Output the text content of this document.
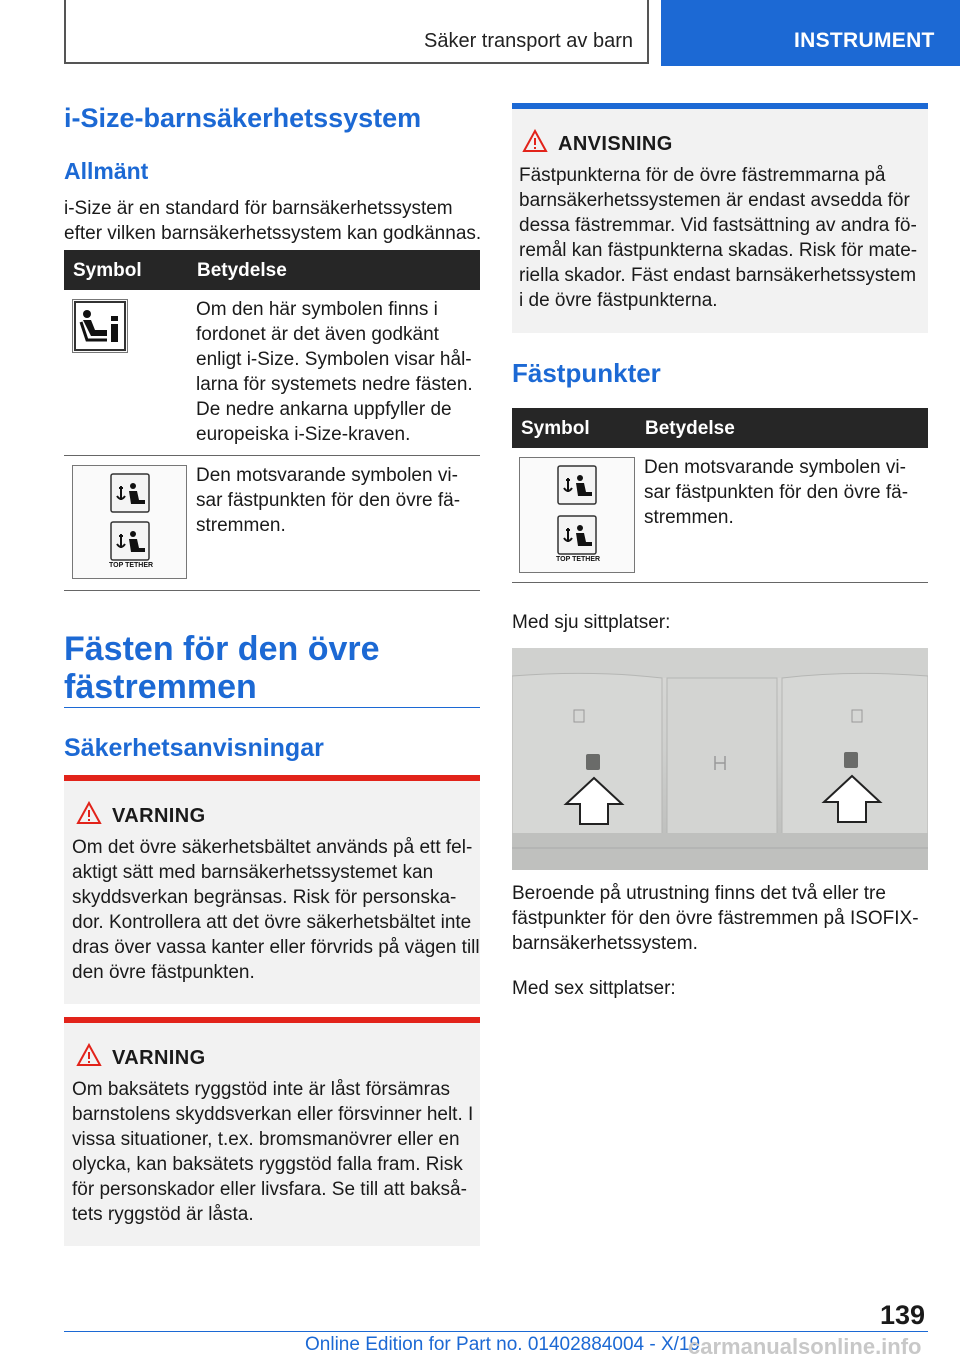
Säker transport av barn	INSTRUMENT
i-Size-barnsäkerhetssystem
Allmänt
i-Size är en standard för barnsäkerhetssystem
efter vilken barnsäkerhetssystem kan godkännas.
Symbol	Betydelse
Om den här symbolen finns i
fordonet är det även godkänt
enligt i-Size. Symbolen visar hål-
larna för systemets nedre fästen.
De nedre ankarna uppfyller de
europeiska i-Size-kraven.
TOP TETHER
Den motsvarande symbolen vi-
sar fästpunkten för den övre fä-
stremmen.
Fästen för den övre
fästremmen
Säkerhetsanvisningar
VARNING
Om det övre säkerhetsbältet används på ett fel-
aktigt sätt med barnsäkerhetssystemet kan
skyddsverkan begränsas. Risk för personska-
dor. Kontrollera att det övre säkerhetsbältet inte
dras över vassa kanter eller förvrids på vägen till
den övre fästpunkten.
VARNING
Om baksätets ryggstöd inte är låst försämras
barnstolens skyddsverkan eller försvinner helt. I
vissa situationer, t.ex. bromsmanövrer eller en
olycka, kan baksätets ryggstöd falla fram. Risk
för personskador eller livsfara. Se till att bakså-
tets ryggstöd är låsta.
ANVISNING
Fästpunkterna för de övre fästremmarna på
barnsäkerhetssystemen är endast avsedda för
dessa fästremmar. Vid fastsättning av andra fö-
remål kan fästpunkterna skadas. Risk för mate-
riella skador. Fäst endast barnsäkerhetssystem
i de övre fästpunkterna.
Fästpunkter
Symbol	Betydelse
TOP TETHER
Den motsvarande symbolen vi-
sar fästpunkten för den övre fä-
stremmen.
Med sju sittplatser:
Beroende på utrustning finns det två eller tre
fästpunkter för den övre fästremmen på ISOFIX-
barnsäkerhetssystem.
Med sex sittplatser:
139
Online Edition for Part no. 01402884004 - X/19
carmanualsonline.info
